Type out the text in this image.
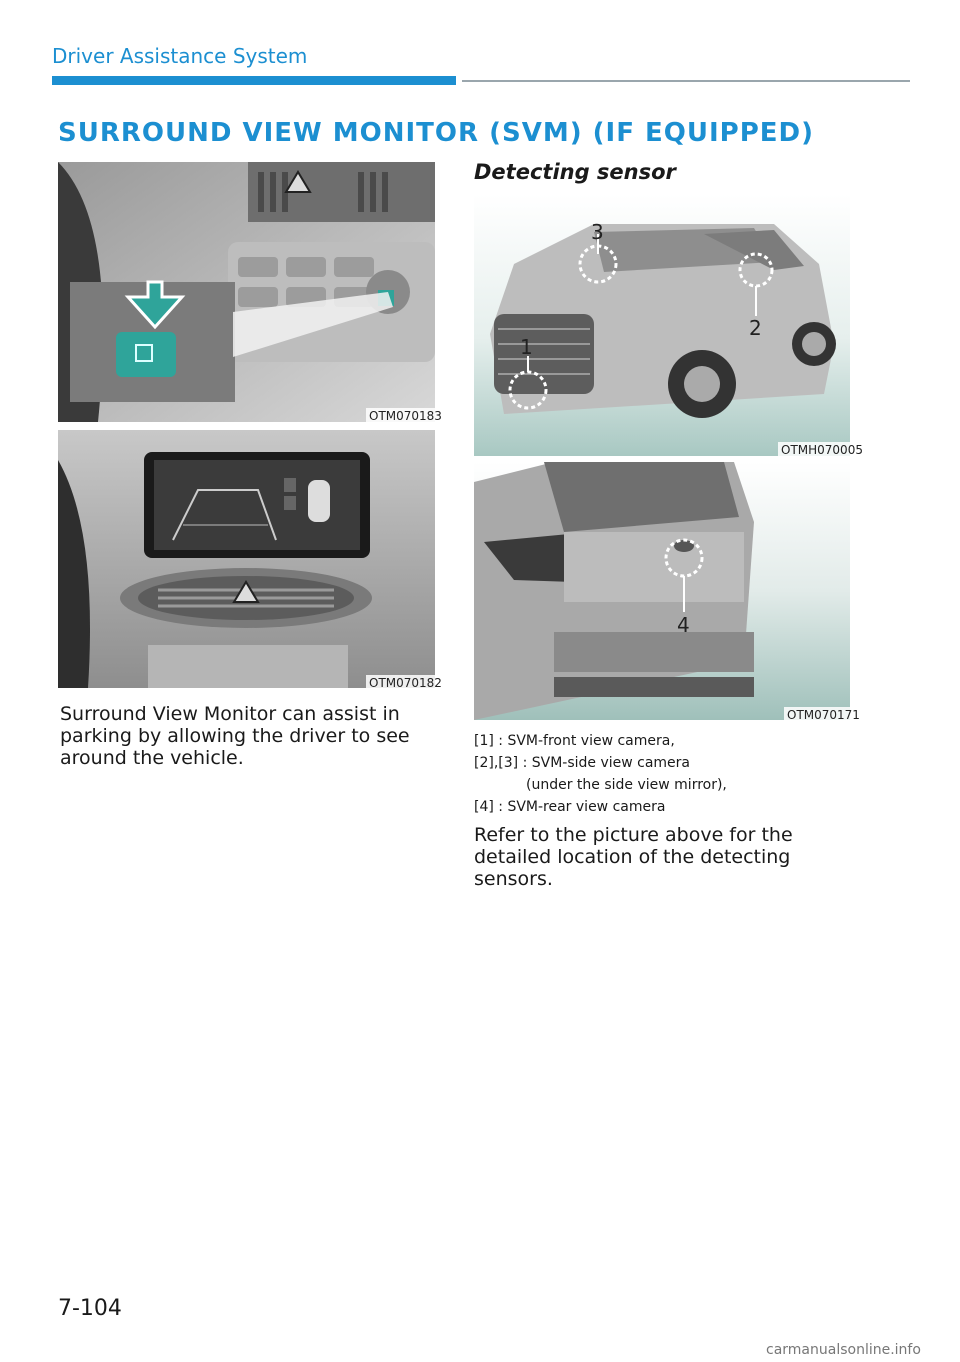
Driver Assistance System
SURROUND VIEW MONITOR (SVM) (IF EQUIPPED)
OTM070183
OTM070182
Surround View Monitor can assist in
parking by allowing the driver to see
around the vehicle.
Detecting sensor
3
2
1
OTMH070005
4
OTM070171
[1] : SVM-front view camera,
[2],[3] : SVM-side view camera
(under the side view mirror),
[4] : SVM-rear view camera
Refer to the picture above for the
detailed location of the detecting
sensors.
7-104
carmanualsonline.info
